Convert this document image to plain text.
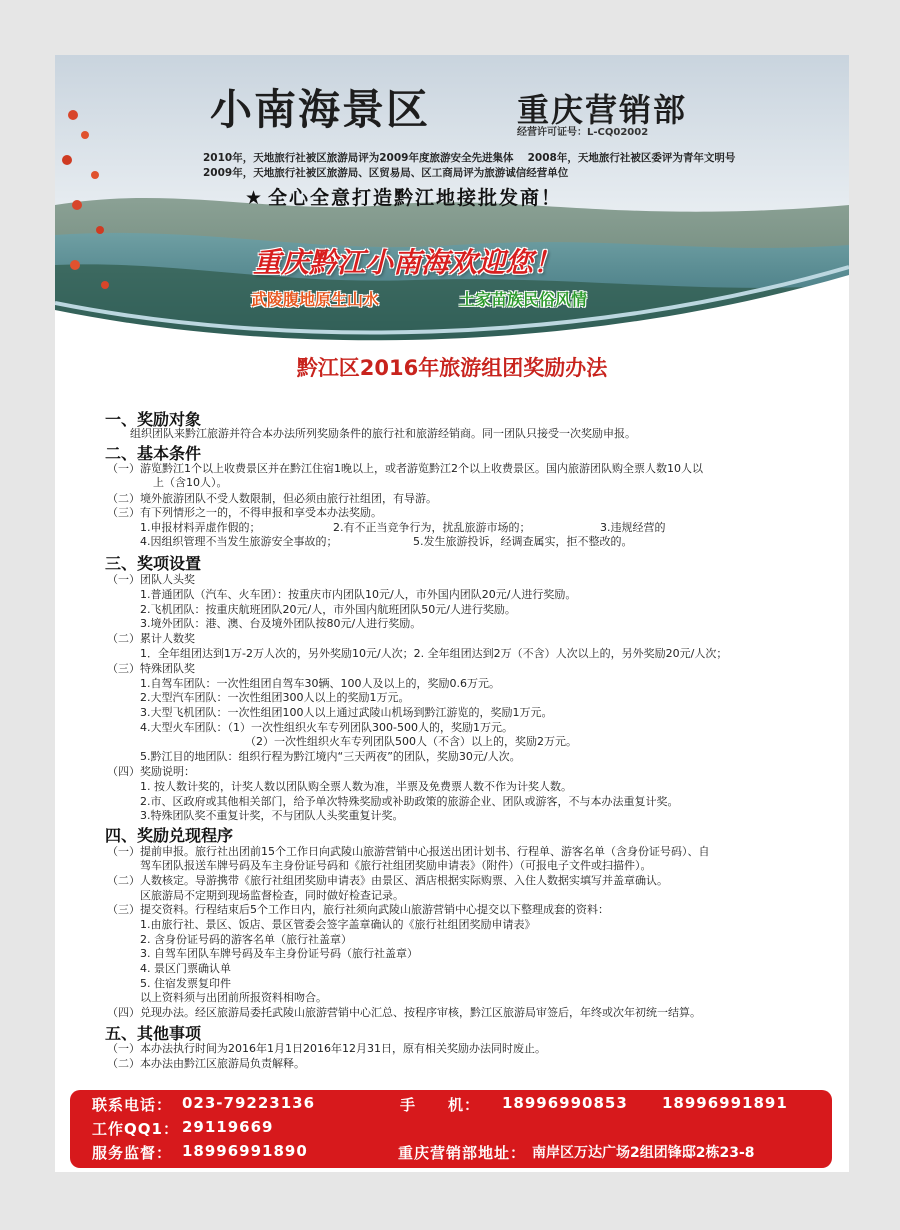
小南海景区	重庆营销部
经营许可证号：L-CQ02002
2010年，天地旅行社被区旅游局评为2009年度旅游安全先进集体　 2008年，天地旅行社被区委评为青年文明号
2009年，天地旅行社被区旅游局、区贸易局、区工商局评为旅游诚信经营单位
★ 全心全意打造黔江地接批发商！
重庆黔江小南海欢迎您！
武陵腹地原生山水	土家苗族民俗风情
黔江区2016年旅游组团奖励办法
一、奖励对象
组织团队来黔江旅游并符合本办法所列奖励条件的旅行社和旅游经销商。同一团队只接受一次奖励申报。
二、基本条件
（一）游览黔江1个以上收费景区并在黔江住宿1晚以上，或者游览黔江2个以上收费景区。国内旅游团队购全票人数10人以
上（含10人）。
（二）境外旅游团队不受人数限制，但必须由旅行社组团，有导游。
（三）有下列情形之一的，不得申报和享受本办法奖励。
1.申报材料弄虚作假的；	2.有不正当竞争行为，扰乱旅游市场的；	3.违规经营的
4.因组织管理不当发生旅游安全事故的；	5.发生旅游投诉，经调查属实，拒不整改的。
三、奖项设置
（一）团队人头奖
1.普通团队（汽车、火车团）：按重庆市内团队10元/人，市外国内团队20元/人进行奖励。
2.飞机团队：按重庆航班团队20元/人，市外国内航班团队50元/人进行奖励。
3.境外团队：港、澳、台及境外团队按80元/人进行奖励。
（二）累计人数奖
1．全年组团达到1万-2万人次的，另外奖励10元/人次；2. 全年组团达到2万（不含）人次以上的，另外奖励20元/人次；
（三）特殊团队奖
1.自驾车团队：一次性组团自驾车30辆、100人及以上的，奖励0.6万元。
2.大型汽车团队：一次性组团300人以上的奖励1万元。
3.大型飞机团队：一次性组团100人以上通过武陵山机场到黔江游览的，奖励1万元。
4.大型火车团队：（1）一次性组织火车专列团队300-500人的，奖励1万元。
（2）一次性组织火车专列团队500人（不含）以上的，奖励2万元。
5.黔江目的地团队：组织行程为黔江境内“三天两夜”的团队，奖励30元/人次。
（四）奖励说明：
1. 按人数计奖的，计奖人数以团队购全票人数为准，半票及免费票人数不作为计奖人数。
2.市、区政府或其他相关部门，给予单次特殊奖励或补助政策的旅游企业、团队或游客，不与本办法重复计奖。
3.特殊团队奖不重复计奖，不与团队人头奖重复计奖。
四、奖励兑现程序
（一）提前申报。旅行社出团前15个工作日向武陵山旅游营销中心报送出团计划书、行程单、游客名单（含身份证号码）、自
驾车团队报送车牌号码及车主身份证号码和《旅行社组团奖励申请表》（附件）（可报电子文件或扫描件）。
（二）人数核定。导游携带《旅行社组团奖励申请表》由景区、酒店根据实际购票、入住人数据实填写并盖章确认。
区旅游局不定期到现场监督检查，同时做好检查记录。
（三）提交资料。行程结束后5个工作日内，旅行社须向武陵山旅游营销中心提交以下整理成套的资料：
1.由旅行社、景区、饭店、景区管委会签字盖章确认的《旅行社组团奖励申请表》
2. 含身份证号码的游客名单（旅行社盖章）
3. 自驾车团队车牌号码及车主身份证号码（旅行社盖章）
4. 景区门票确认单
5. 住宿发票复印件
以上资料须与出团前所报资料相吻合。
（四）兑现办法。经区旅游局委托武陵山旅游营销中心汇总、按程序审核，黔江区旅游局审签后，年终或次年初统一结算。
五、其他事项
（一）本办法执行时间为2016年1月1日2016年12月31日，原有相关奖励办法同时废止。
（二）本办法由黔江区旅游局负责解释。
联系电话： 023-79223136	手　　机： 18996990853 18996991891
工作QQ1： 29119669
服务监督： 18996991890	重庆营销部地址： 南岸区万达广场2组团锋邸2栋23-8
